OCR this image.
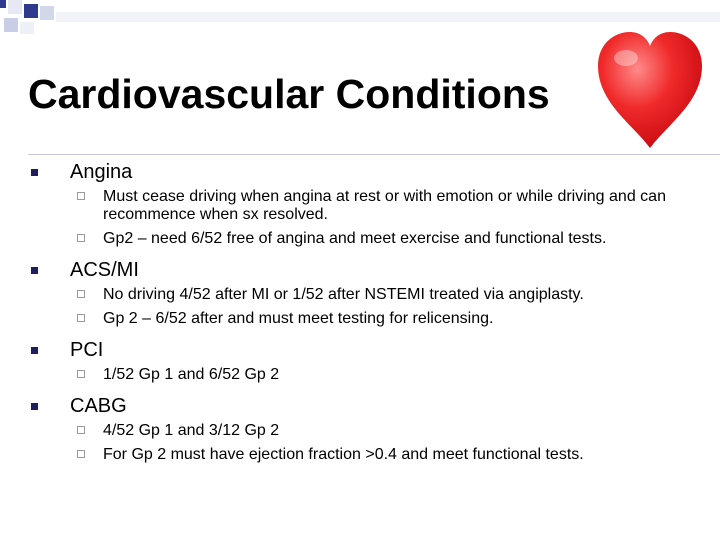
Cardiovascular Conditions
Angina
Must cease driving when angina at rest or with emotion or while driving and can recommence when sx resolved.
Gp2 – need 6/52 free of angina and meet exercise and functional tests.
ACS/MI
No driving 4/52 after MI or 1/52 after NSTEMI treated via angiplasty.
Gp 2 – 6/52 after and must meet testing for relicensing.
PCI
1/52 Gp 1 and 6/52 Gp 2
CABG
4/52 Gp 1 and 3/12 Gp 2
For Gp 2 must have ejection fraction >0.4 and meet functional tests.
